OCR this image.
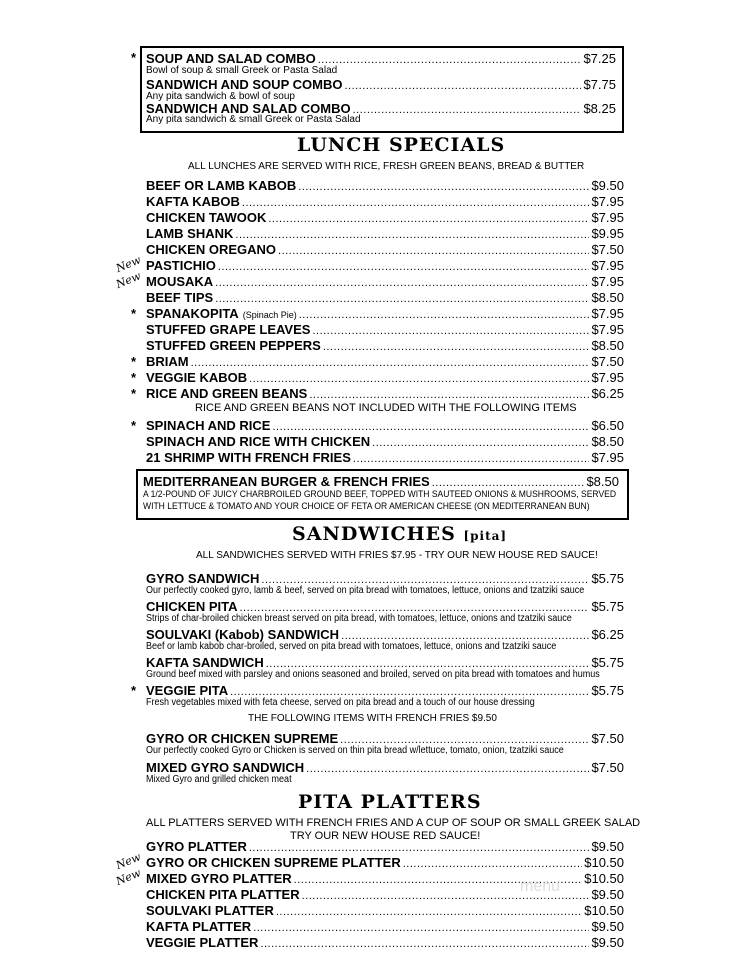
* SOUP AND SALAD COMBO .....	$7.25
Bowl of soup & small Greek or Pasta Salad
SANDWICH AND SOUP COMBO .....	$7.75
Any pita sandwich & bowl of soup
SANDWICH AND SALAD COMBO .....	$8.25
Any pita sandwich & small Greek or Pasta Salad
LUNCH SPECIALS
ALL LUNCHES ARE SERVED WITH RICE, FRESH GREEN BEANS, BREAD & BUTTER
BEEF OR LAMB KABOB .....	$9.50
KAFTA KABOB .....	$7.95
CHICKEN TAWOOK .....	$7.95
LAMB SHANK .....	$9.95
CHICKEN OREGANO .....	$7.50
PASTICHIO .....	$7.95
New
MOUSAKA .....	$7.95
New
BEEF TIPS .....	$8.50
SPANAKOPITA (Spinach Pie) .....	$7.95
*
STUFFED GRAPE LEAVES .....	$7.95
STUFFED GREEN PEPPERS .....	$8.50
BRIAM .....	$7.50
*
VEGGIE KABOB .....	$7.95
*
RICE AND GREEN BEANS .....	$6.25
*
SPINACH AND RICE .....	$6.50
*
SPINACH AND RICE WITH CHICKEN .....	$8.50
21 SHRIMP WITH FRENCH FRIES .....	$7.95
RICE AND GREEN BEANS NOT INCLUDED WITH THE FOLLOWING ITEMS
MEDITERRANEAN BURGER & FRENCH FRIES .....	$8.50
A 1/2-POUND OF JUICY CHARBROILED GROUND BEEF, TOPPED WITH SAUTEED ONIONS & MUSHROOMS, SERVED
WITH LETTUCE & TOMATO AND YOUR CHOICE OF FETA OR AMERICAN CHEESE (ON MEDITERRANEAN BUN)
SANDWICHES [pita]
ALL SANDWICHES SERVED WITH FRIES $7.95 - TRY OUR NEW HOUSE RED SAUCE!
GYRO SANDWICH .....	$5.75
Our perfectly cooked gyro, lamb & beef, served on pita bread with tomatoes, lettuce, onions and tzatziki sauce
CHICKEN PITA .....	$5.75
Strips of char-broiled chicken breast served on pita bread, with tomatoes, lettuce, onions and tzatziki sauce
SOULVAKI (Kabob) SANDWICH .....	$6.25
Beef or lamb kabob char-broiled, served on pita bread with tomatoes, lettuce, onions and tzatziki sauce
KAFTA SANDWICH .....	$5.75
Ground beef mixed with parsley and onions seasoned and broiled, served on pita bread with tomatoes and humus
VEGGIE PITA .....	$5.75
Fresh vegetables mixed with feta cheese, served on pita bread and a touch of our house dressing
*
GYRO OR CHICKEN SUPREME .....	$7.50
Our perfectly cooked Gyro or Chicken is served on thin pita bread w/lettuce, tomato, onion, tzatziki sauce
MIXED GYRO SANDWICH .....	$7.50
Mixed Gyro and grilled chicken meat
THE FOLLOWING ITEMS WITH FRENCH FRIES $9.50
PITA PLATTERS
ALL PLATTERS SERVED WITH FRENCH FRIES AND A CUP OF SOUP OR SMALL GREEK SALAD
TRY OUR NEW HOUSE RED SAUCE!
GYRO PLATTER .....	$9.50
GYRO OR CHICKEN SUPREME PLATTER .....	$10.50
New
MIXED GYRO PLATTER .....	$10.50
New
CHICKEN PITA PLATTER .....	$9.50
SOULVAKI PLATTER .....	$10.50
KAFTA PLATTER .....	$9.50
VEGGIE PLATTER .....	$9.50
menu
